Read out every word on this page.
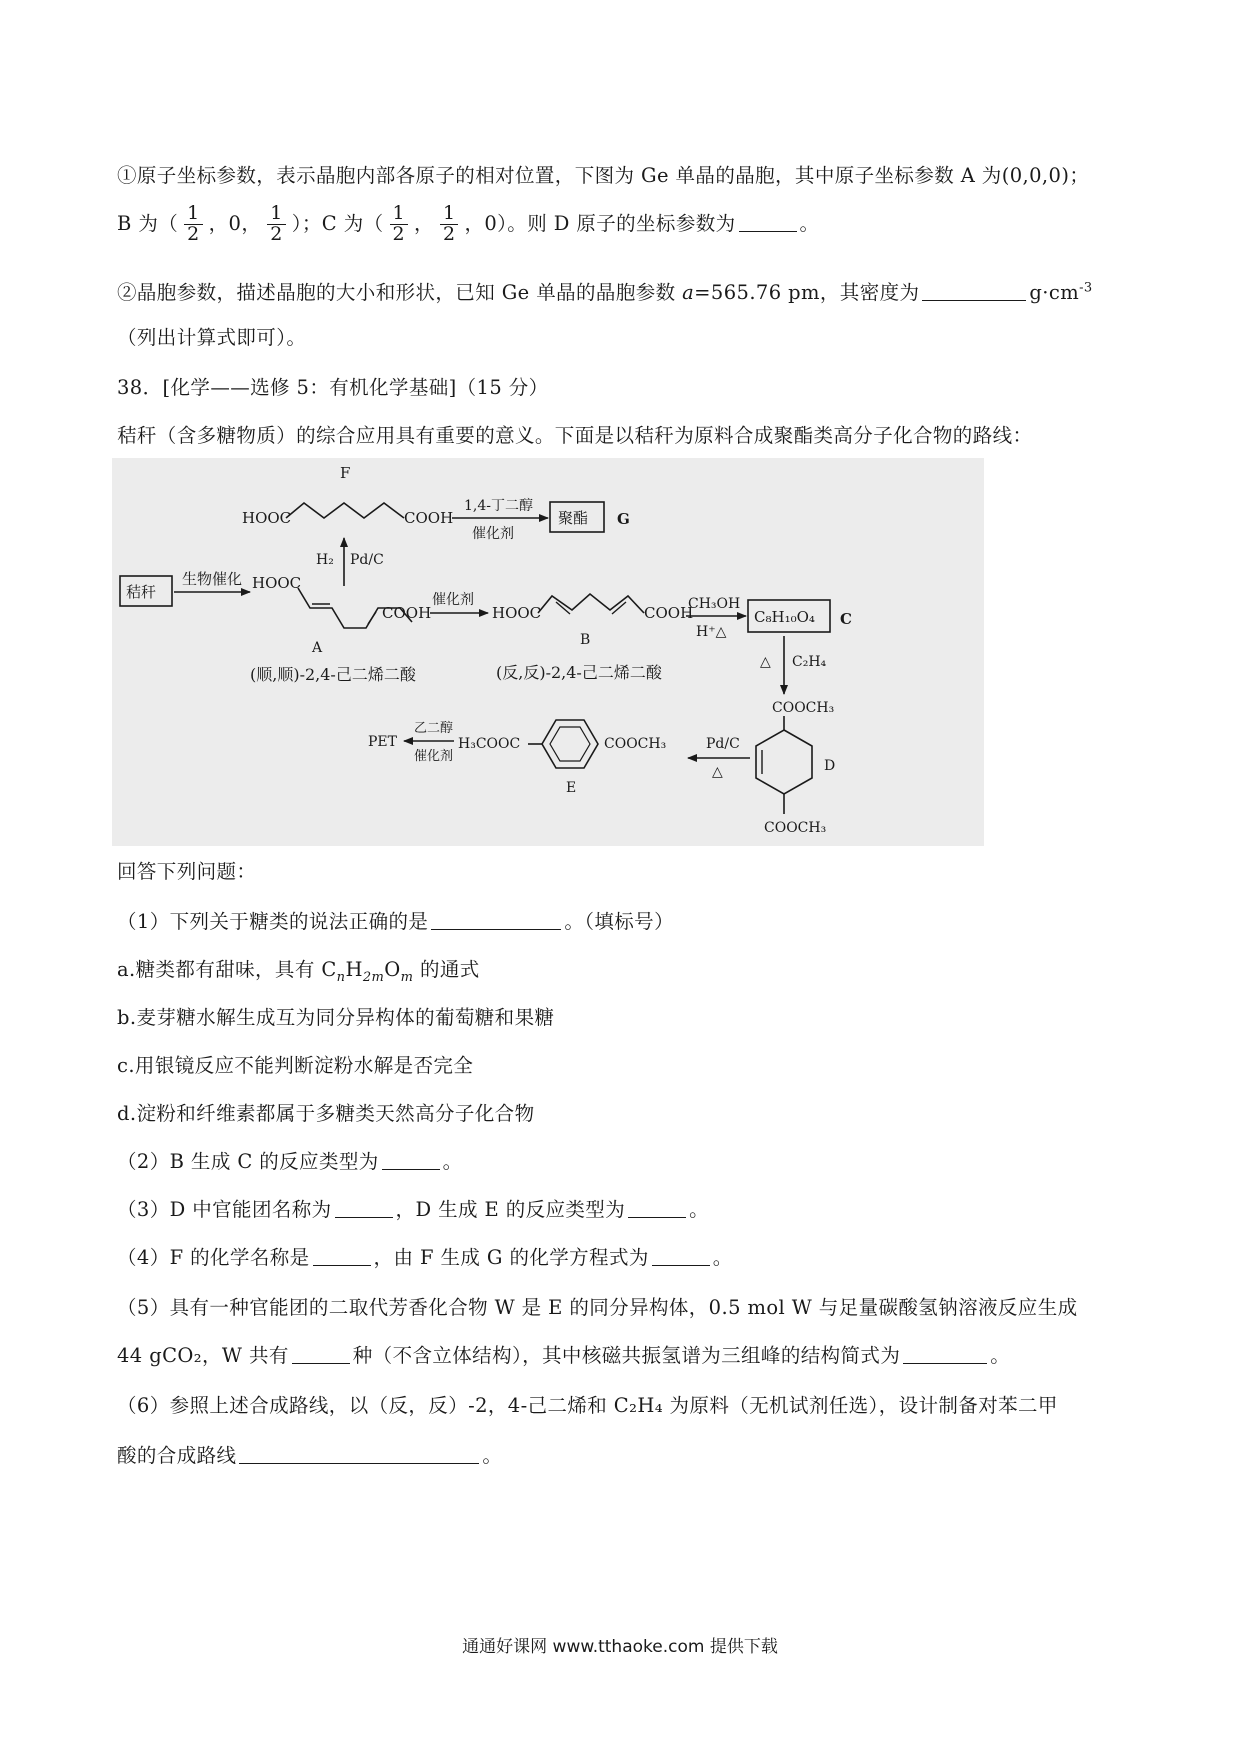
①原子坐标参数，表示晶胞内部各原子的相对位置，下图为 Ge 单晶的晶胞，其中原子坐标参数 A 为(0,0,0)；
B 为（ $\frac{1}{2}$ ，0， $\frac{1}{2}$ ）；C 为（ $\frac{1}{2}$ ， $\frac{1}{2}$ ，0）。则 D 原子的坐标参数为	。
②晶胞参数，描述晶胞的大小和形状，已知 Ge 单晶的晶胞参数 a=565.76 pm，其密度为	$g\cdot cm^{-3}$
（列出计算式即可）。
38．[化学——选修 5：有机化学基础]（15 分）
秸秆（含多糖物质）的综合应用具有重要的意义。下面是以秸秆为原料合成聚酯类高分子化合物的路线：
F
HOOC	COOH
1,4-丁二醇
催化剂
聚酯 G
H₂ Pd/C
秸秆
生物催化 HOOC
COOH
A
(顺,顺)-2,4-己二烯二酸
催化剂
HOOC	COOH
B
(反,反)-2,4-己二烯二酸
CH₃OH
H⁺△
C₈H₁₀O₄ C
△ C₂H₄
COOCH₃
COOCH₃
D
Pd/C
△
COOCH₃
H₃COOC
E
乙二醇
催化剂
PET
回答下列问题：
（1）下列关于糖类的说法正确的是	。（填标号）
a.糖类都有甜味，具有 $C_nH_{2m}O_m$ 的通式
b.麦芽糖水解生成互为同分异构体的葡萄糖和果糖
c.用银镜反应不能判断淀粉水解是否完全
d.淀粉和纤维素都属于多糖类天然高分子化合物
（2）B 生成 C 的反应类型为	。
（3）D 中官能团名称为	，D 生成 E 的反应类型为	。
（4）F 的化学名称是	，由 F 生成 G 的化学方程式为	。
（5）具有一种官能团的二取代芳香化合物 W 是 E 的同分异构体，0.5 mol W 与足量碳酸氢钠溶液反应生成
44 gCO₂，W 共有	种（不含立体结构），其中核磁共振氢谱为三组峰的结构简式为	。
（6）参照上述合成路线，以（反，反）-2，4-己二烯和 C₂H₄ 为原料（无机试剂任选），设计制备对苯二甲
酸的合成路线	。
通通好课网 www.tthaoke.com 提供下载
